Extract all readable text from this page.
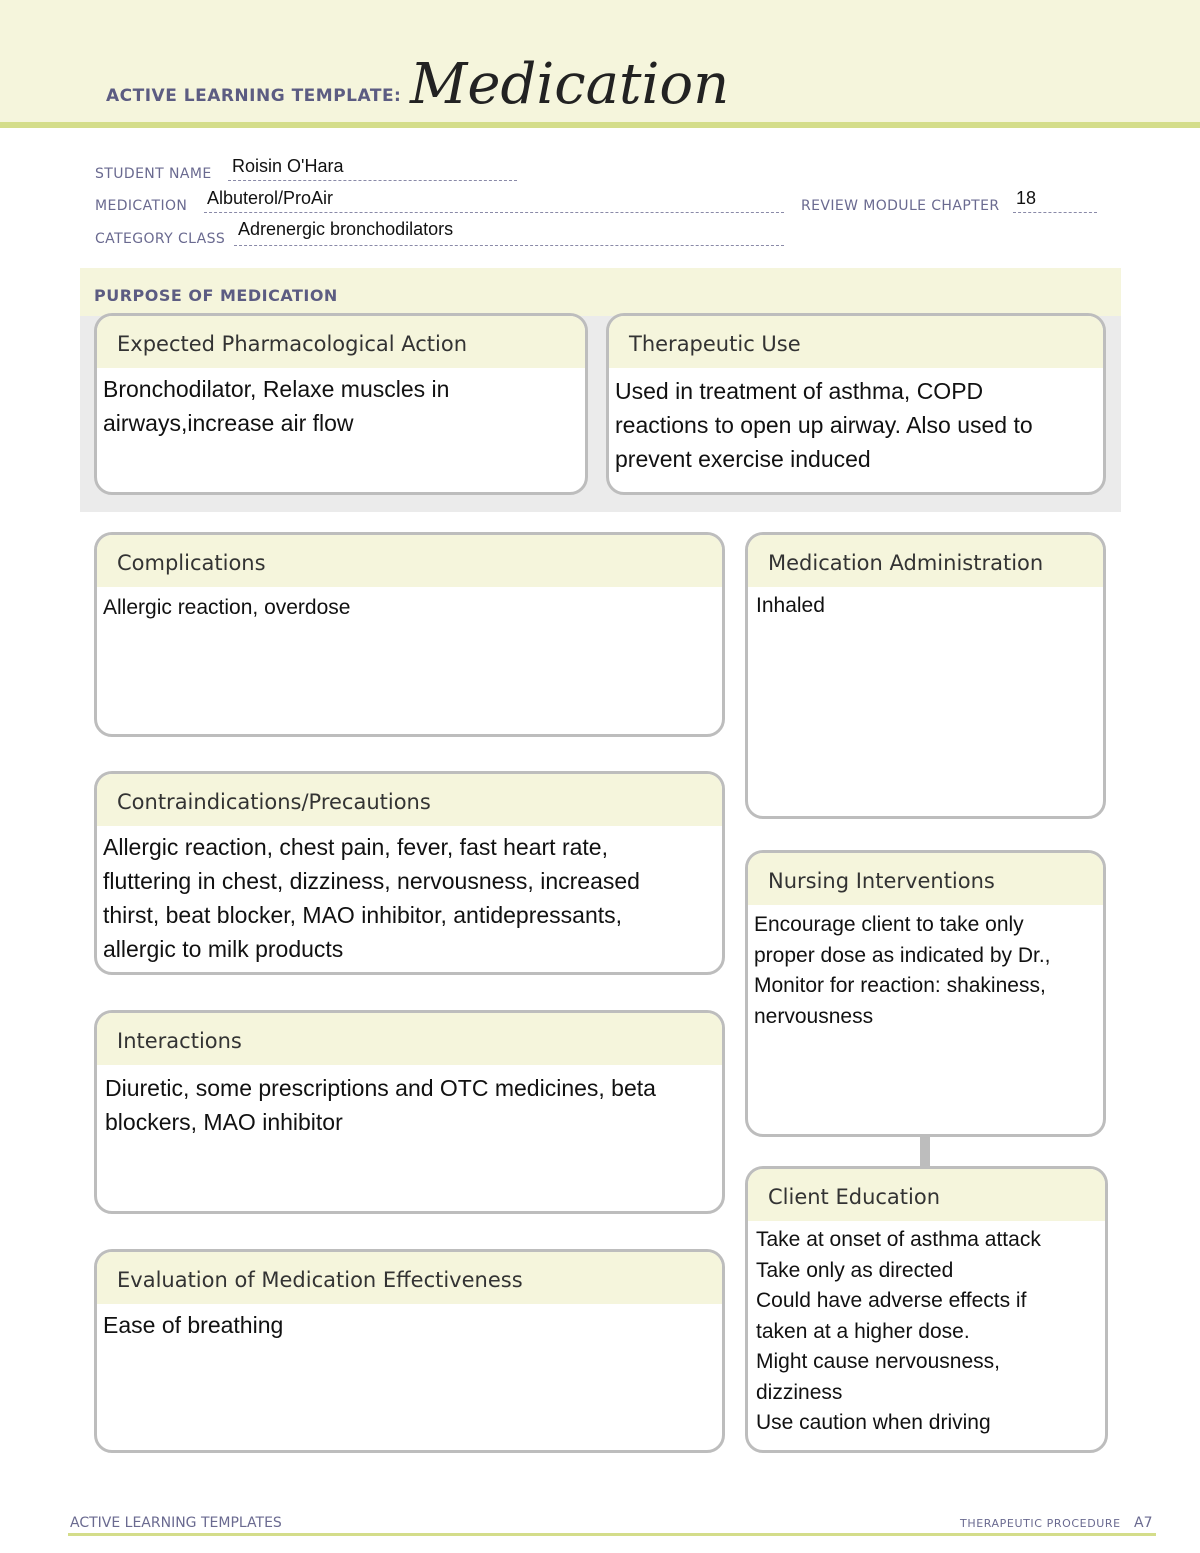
ACTIVE LEARNING TEMPLATE: Medication
STUDENT NAME Roisin O'Hara
MEDICATION Albuterol/ProAir	REVIEW MODULE CHAPTER 18
CATEGORY CLASS Adrenergic bronchodilators
PURPOSE OF MEDICATION
Expected Pharmacological Action
Bronchodilator, Relaxe muscles in
airways,increase air flow
Therapeutic Use
Used in treatment of asthma, COPD
reactions to open up airway. Also used to
prevent exercise induced
Complications
Allergic reaction, overdose
Contraindications/Precautions
Allergic reaction, chest pain, fever, fast heart rate,
fluttering in chest, dizziness, nervousness, increased
thirst, beat blocker, MAO inhibitor, antidepressants,
allergic to milk products
Interactions
Diuretic, some prescriptions and OTC medicines, beta
blockers, MAO inhibitor
Evaluation of Medication Effectiveness
Ease of breathing
Medication Administration
Inhaled
Nursing Interventions
Encourage client to take only
proper dose as indicated by Dr.,
Monitor for reaction: shakiness,
nervousness
Client Education
Take at onset of asthma attack
Take only as directed
Could have adverse effects if
taken at a higher dose.
Might cause nervousness,
dizziness
Use caution when driving
ACTIVE LEARNING TEMPLATES	THERAPEUTIC PROCEDURE A7
